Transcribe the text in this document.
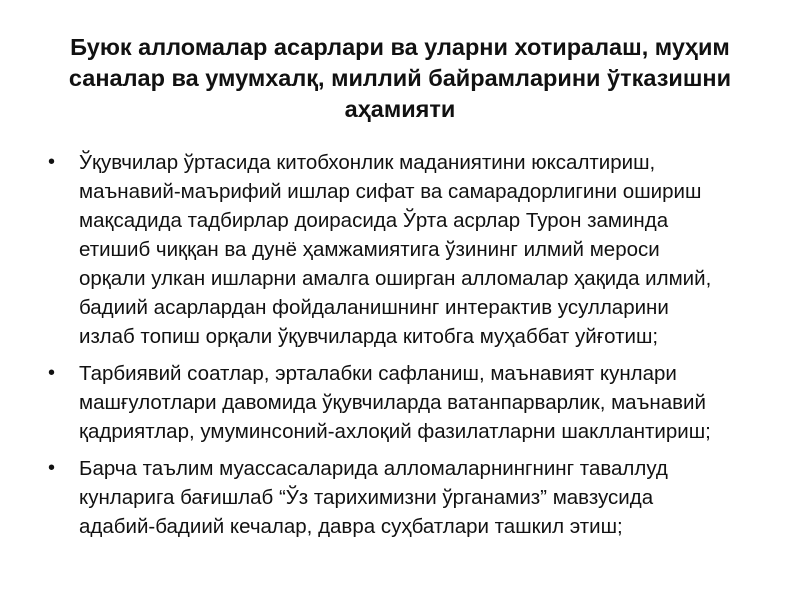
Буюк алломалар асарлари ва уларни хотиралаш, муҳим
саналар ва умумхалқ, миллий байрамларини ўтказишни
аҳамияти
• Ўқувчилар ўртасида китобхонлик маданиятини юксалтириш,
маънавий-маърифий ишлар сифат ва самарадорлигини ошириш
мақсадида тадбирлар доирасида Ўрта асрлар Турон заминда
етишиб чиққан ва дунё ҳамжамиятига ўзининг илмий мероси
орқали улкан ишларни амалга оширган алломалар ҳақида илмий,
бадиий асарлардан фойдаланишнинг интерактив усулларини
излаб топиш орқали ўқувчиларда китобга муҳаббат уйғотиш;
• Тарбиявий соатлар, эрталабки сафланиш, маънавият кунлари
машғулотлари давомида ўқувчиларда ватанпарварлик, маънавий
қадриятлар, умуминсоний-ахлоқий фазилатларни шакллантириш;
• Барча таълим муассасаларида алломаларнингнинг таваллуд
кунларига бағишлаб “Ўз тарихимизни ўрганамиз” мавзусида
адабий-бадиий кечалар, давра суҳбатлари ташкил этиш;
